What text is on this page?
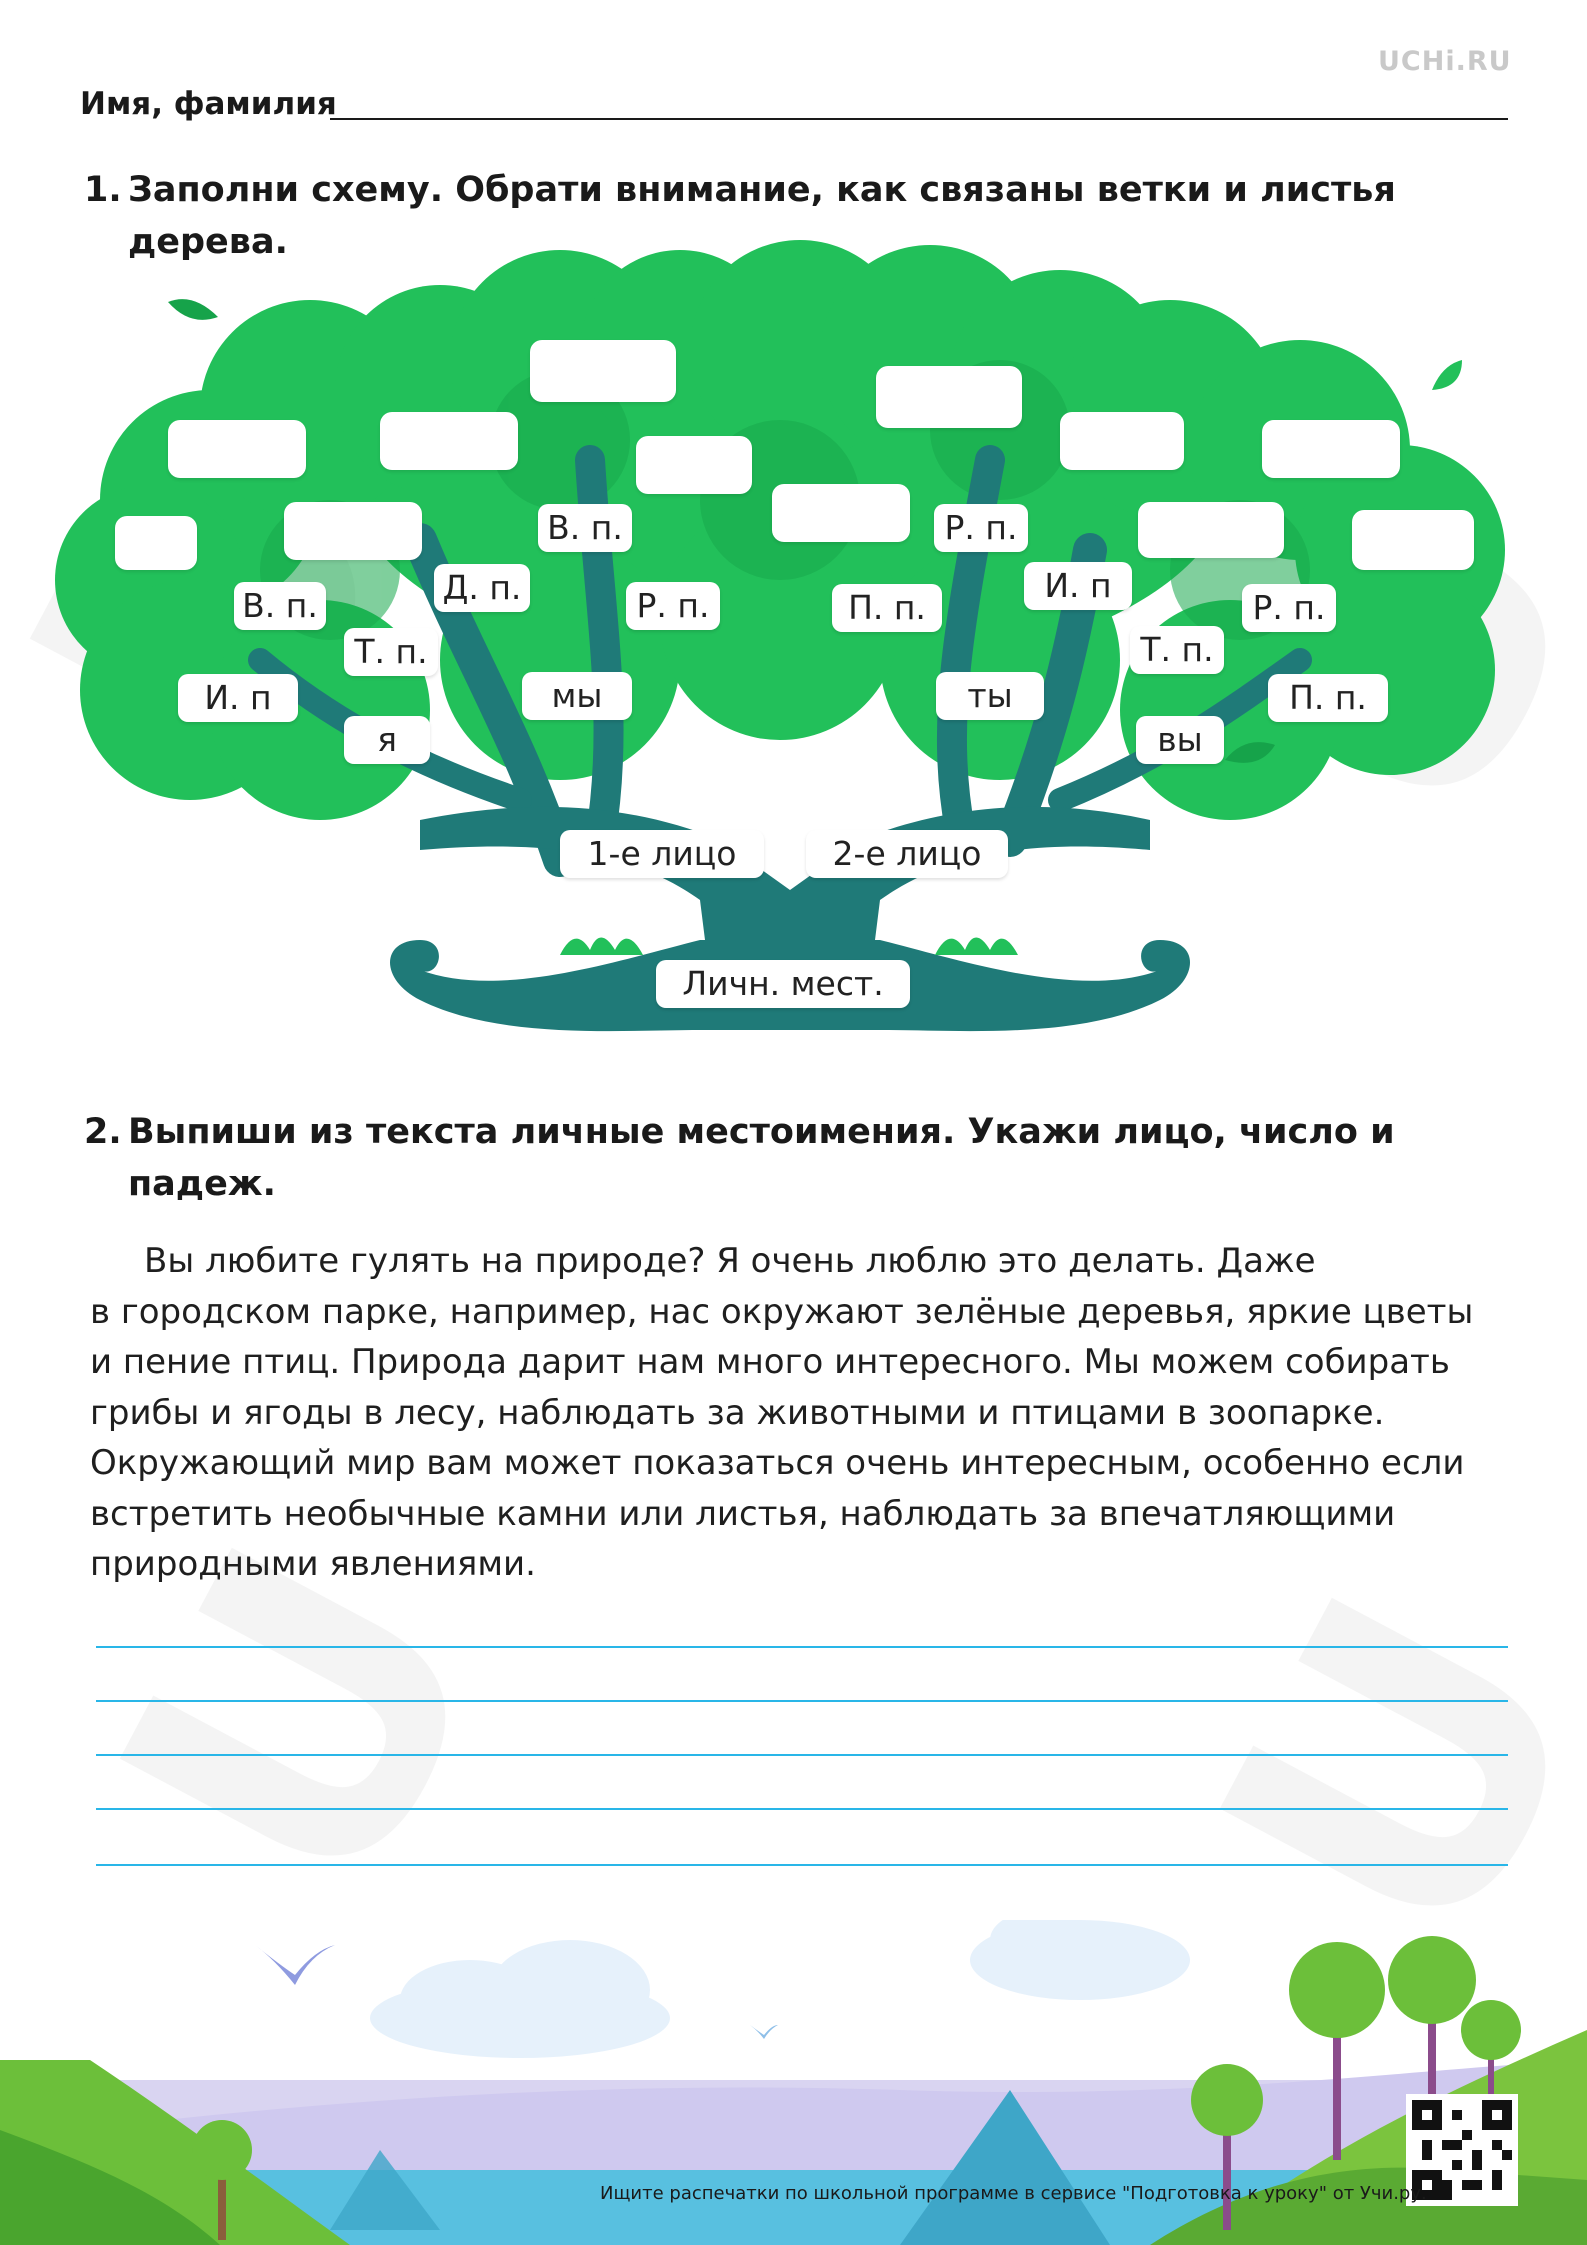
UCHi.RU
Имя, фамилия
1. Заполни схему. Обрати внимание, как связаны ветки и листья дерева.
Личн. мест.
1-е лицо	2-е лицо
я
мы	ты
вы
И. п
В. п.
Т. п.
Д. п.
В. п.
Р. п.	П. п.
Р. п.
И. п
Т. п.
Р. п.
П. п.
2. Выпиши из текста личные местоимения. Укажи лицо, число и падеж.

Вы любите гулять на природе? Я очень люблю это делать. Даже

в городском парке, например, нас окружают зелёные деревья, яркие цветы

и пение птиц. Природа дарит нам много интересного. Мы можем собирать

грибы и ягоды в лесу, наблюдать за животными и птицами в зоопарке.

Окружающий мир вам может показаться очень интересным, особенно если

встретить необычные камни или листья, наблюдать за впечатляющими

природными явлениями.

Ищите распечатки по школьной программе в сервисе "Подготовка к уроку" от Учи.ру.
